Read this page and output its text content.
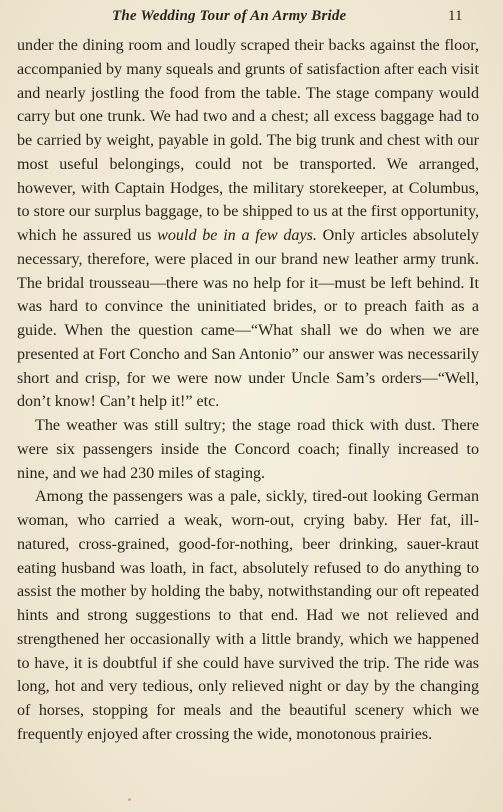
The Wedding Tour of An Army Bride	11

under the dining room and loudly scraped their backs against the floor, accompanied by many squeals and grunts of satisfaction after each visit and nearly jostling the food from the table. The stage company would carry but one trunk. We had two and a chest; all excess baggage had to be carried by weight, payable in gold. The big trunk and chest with our most useful belongings, could not be transported. We arranged, however, with Captain Hodges, the military storekeeper, at Columbus, to store our surplus baggage, to be shipped to us at the first opportunity, which he assured us would be in a few days. Only articles absolutely necessary, therefore, were placed in our brand new leather army trunk. The bridal trousseau—there was no help for it—must be left behind. It was hard to convince the uninitiated brides, or to preach faith as a guide. When the question came—“What shall we do when we are presented at Fort Concho and San Antonio” our answer was necessarily short and crisp, for we were now under Uncle Sam’s orders—“Well, don’t know! Can’t help it!” etc.

The weather was still sultry; the stage road thick with dust. There were six passengers inside the Concord coach; finally increased to nine, and we had 230 miles of staging.

Among the passengers was a pale, sickly, tired-out looking German woman, who carried a weak, worn-out, crying baby. Her fat, ill-natured, cross-grained, good-for-nothing, beer drinking, sauer-kraut eating husband was loath, in fact, absolutely refused to do anything to assist the mother by holding the baby, notwithstanding our oft repeated hints and strong suggestions to that end. Had we not relieved and strengthened her occasionally with a little brandy, which we happened to have, it is doubtful if she could have survived the trip. The ride was long, hot and very tedious, only relieved night or day by the changing of horses, stopping for meals and the beautiful scenery which we frequently enjoyed after crossing the wide, monotonous prairies.
